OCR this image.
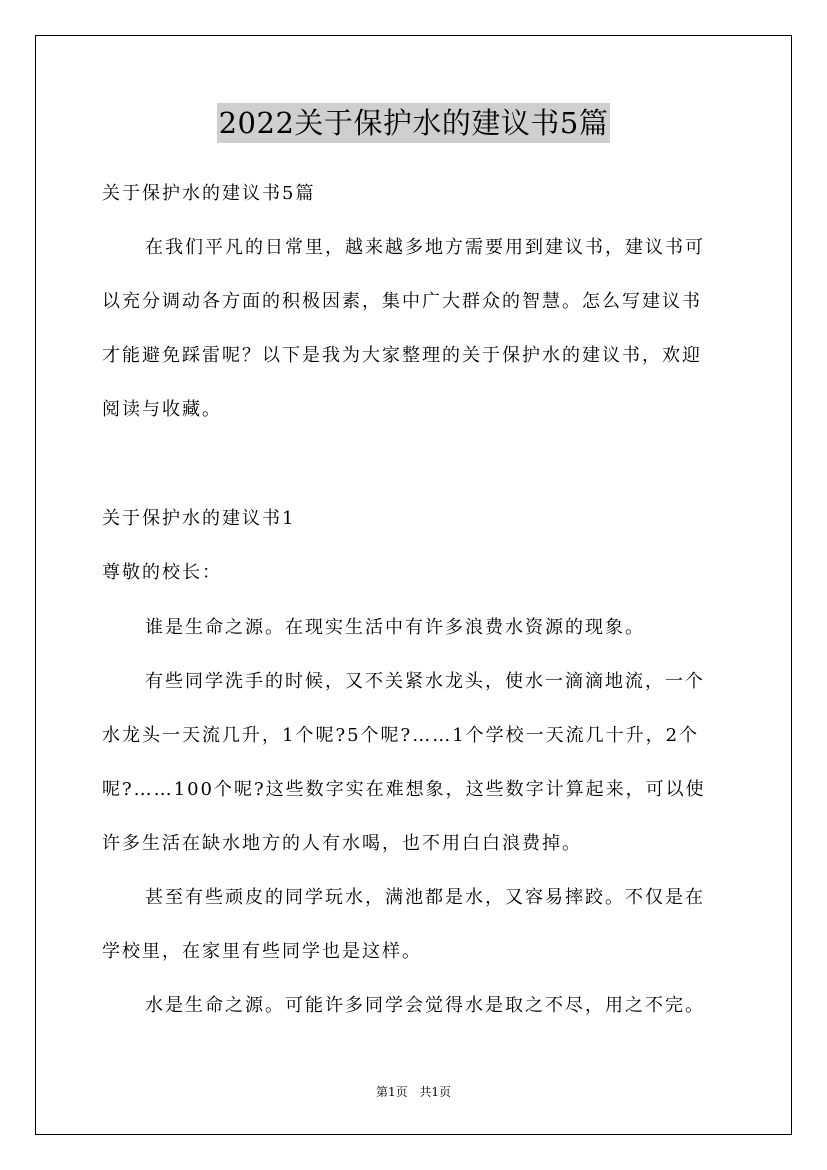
2022关于保护水的建议书5篇
关于保护水的建议书5篇
在我们平凡的日常里，越来越多地方需要用到建议书，建议书可
以充分调动各方面的积极因素，集中广大群众的智慧。怎么写建议书
才能避免踩雷呢？以下是我为大家整理的关于保护水的建议书，欢迎
阅读与收藏。
关于保护水的建议书1
尊敬的校长：
谁是生命之源。在现实生活中有许多浪费水资源的现象。
有些同学洗手的时候，又不关紧水龙头，使水一滴滴地流，一个
水龙头一天流几升，1个呢?5个呢?……1个学校一天流几十升，2个
呢?……100个呢?这些数字实在难想象，这些数字计算起来，可以使
许多生活在缺水地方的人有水喝，也不用白白浪费掉。
甚至有些顽皮的同学玩水，满池都是水，又容易摔跤。不仅是在
学校里，在家里有些同学也是这样。
水是生命之源。可能许多同学会觉得水是取之不尽，用之不完。
第1页 共1页
